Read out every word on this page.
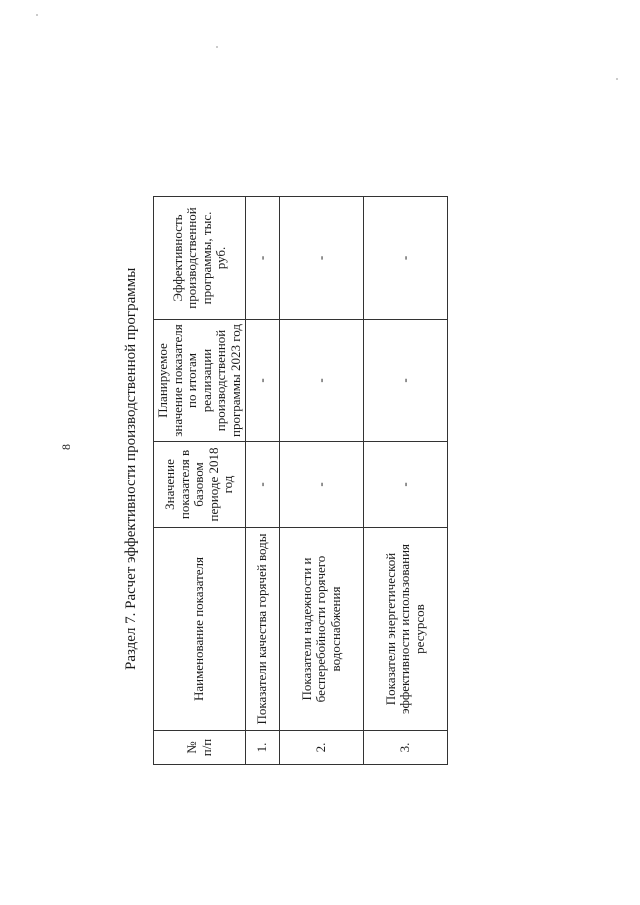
8	Раздел 7. Расчет эффективности производственной программы
№ п/п	Наименование показателя	Значение показателя в базовом периоде 2018 год	Планируемое значение показателя по итогам реализации производственной программы 2023 год	Эффективность производственной программы, тыс. руб.
1.	Показатели качества горячей воды	-	-	-
2.	Показатели надежности и бесперебойности горячего водоснабжения	-	-	-
3.	Показатели энергетической эффективности использования ресурсов	-	-	-
